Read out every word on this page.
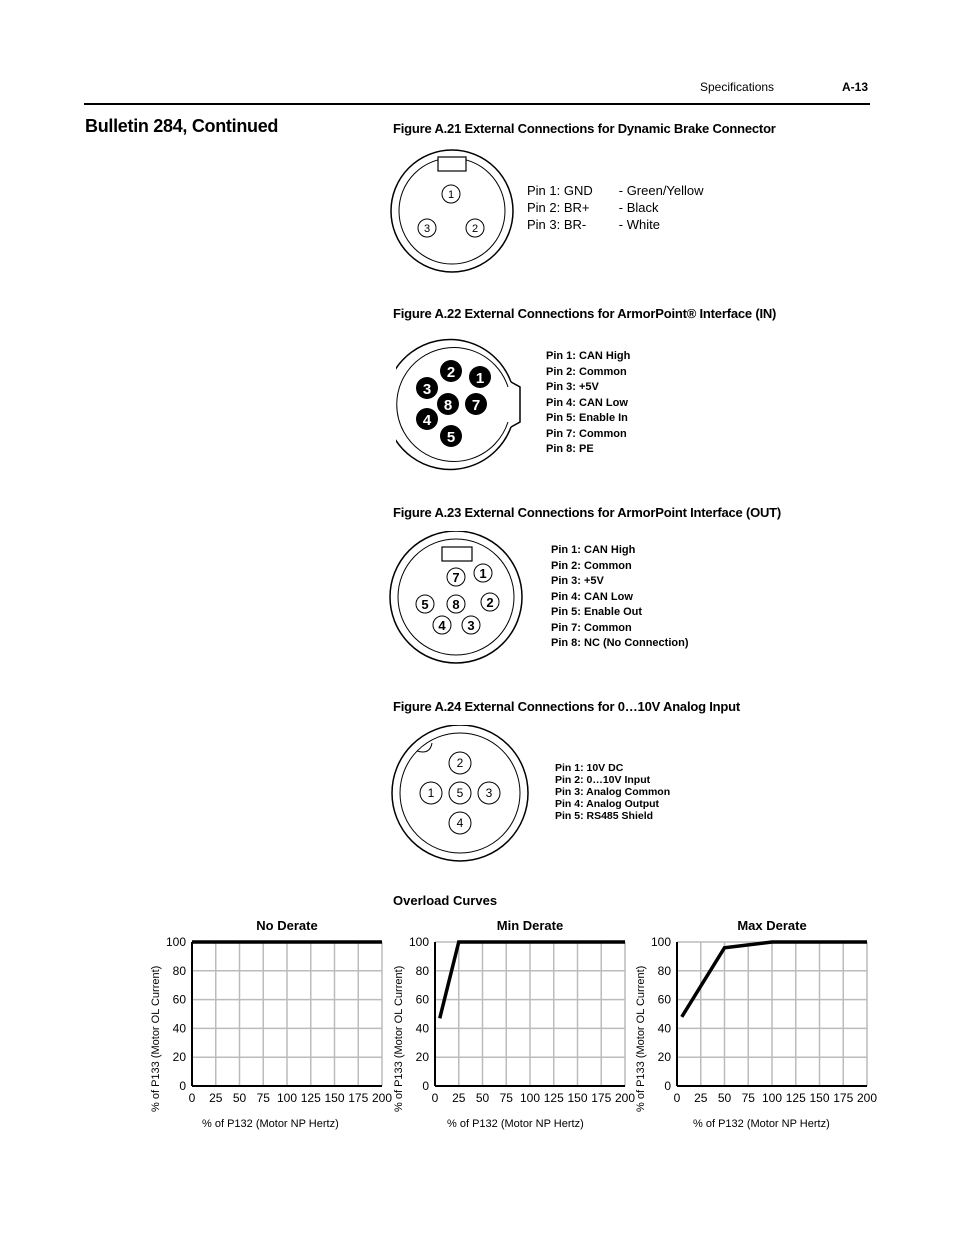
Specifications	A-13
Bulletin 284, Continued	Figure A.21 External Connections for Dynamic Brake Connector
1
3	2
Pin 1: GND	- Green/Yellow
Pin 2: BR+	- Black
Pin 3: BR-	- White
Figure A.22 External Connections for ArmorPoint® Interface (IN)
2 1
3
8 7
4
5
Pin 1: CAN High
Pin 2: Common
Pin 3: +5V
Pin 4: CAN Low
Pin 5: Enable In
Pin 7: Common
Pin 8: PE
Figure A.23 External Connections for ArmorPoint Interface (OUT)
7 1
5 8 2
4 3
Pin 1: CAN High
Pin 2: Common
Pin 3: +5V
Pin 4: CAN Low
Pin 5: Enable Out
Pin 7: Common
Pin 8: NC (No Connection)
Figure A.24 External Connections for 0…10V Analog Input
2
1 5 3
4
Pin 1: 10V DC
Pin 2: 0…10V Input
Pin 3: Analog Common
Pin 4: Analog Output
Pin 5: RS485 Shield
Overload Curves
% of P133 (Motor OL Current)
No Derate
0
20
40
60
80
100
0 25 50 75 100 125 150 175 200
% of P132 (Motor NP Hertz)
% of P133 (Motor OL Current)
Min Derate
0
20
40
60
80
100
0 25 50 75 100 125 150 175 200
% of P132 (Motor NP Hertz)
% of P133 (Motor OL Current)
Max Derate
0
20
40
60
80
100
0 25 50 75 100 125 150 175 200
% of P132 (Motor NP Hertz)
